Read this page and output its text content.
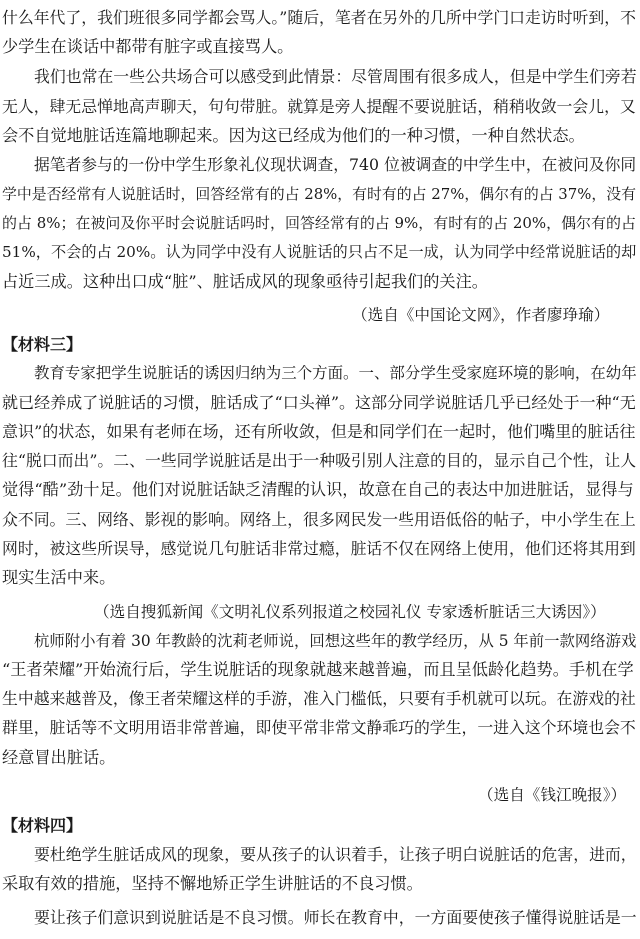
什么年代了，我们班很多同学都会骂人。”随后，笔者在另外的几所中学门口走访时听到，不
少学生在谈话中都带有脏字或直接骂人。
我们也常在一些公共场合可以感受到此情景：尽管周围有很多成人，但是中学生们旁若
无人，肆无忌惮地高声聊天，句句带脏。就算是旁人提醒不要说脏话，稍稍收敛一会儿，又
会不自觉地脏话连篇地聊起来。因为这已经成为他们的一种习惯，一种自然状态。
据笔者参与的一份中学生形象礼仪现状调查，740 位被调查的中学生中，在被问及你同
学中是否经常有人说脏话时，回答经常有的占 28%，有时有的占 27%，偶尔有的占 37%，没有
的占 8%；在被问及你平时会说脏话吗时，回答经常有的占 9%，有时有的占 20%，偶尔有的占
51%，不会的占 20%。认为同学中没有人说脏话的只占不足一成，认为同学中经常说脏话的却
占近三成。这种出口成“脏”、脏话成风的现象亟待引起我们的关注。
（选自《中国论文网》，作者廖琤瑜）
【材料三】
教育专家把学生说脏话的诱因归纳为三个方面。一、部分学生受家庭环境的影响，在幼年
就已经养成了说脏话的习惯，脏话成了“口头禅”。这部分同学说脏话几乎已经处于一种“无
意识”的状态，如果有老师在场，还有所收敛，但是和同学们在一起时，他们嘴里的脏话往
往“脱口而出”。二、一些同学说脏话是出于一种吸引别人注意的目的，显示自己个性，让人
觉得“酷”劲十足。他们对说脏话缺乏清醒的认识，故意在自己的表达中加进脏话，显得与
众不同。三、网络、影视的影响。网络上，很多网民发一些用语低俗的帖子，中小学生在上
网时，被这些所误导，感觉说几句脏话非常过瘾，脏话不仅在网络上使用，他们还将其用到
现实生活中来。
（选自搜狐新闻《文明礼仪系列报道之校园礼仪 专家透析脏话三大诱因》）
杭师附小有着 30 年教龄的沈莉老师说，回想这些年的教学经历，从 5 年前一款网络游戏
“王者荣耀”开始流行后，学生说脏话的现象就越来越普遍，而且呈低龄化趋势。手机在学
生中越来越普及，像王者荣耀这样的手游，准入门槛低，只要有手机就可以玩。在游戏的社
群里，脏话等不文明用语非常普遍，即使平常非常文静乖巧的学生，一进入这个环境也会不
经意冒出脏话。
（选自《钱江晚报》）
【材料四】
要杜绝学生脏话成风的现象，要从孩子的认识着手，让孩子明白说脏话的危害，进而，
采取有效的措施，坚持不懈地矫正学生讲脏话的不良习惯。
要让孩子们意识到说脏话是不良习惯。师长在教育中，一方面要使孩子懂得说脏话是一
